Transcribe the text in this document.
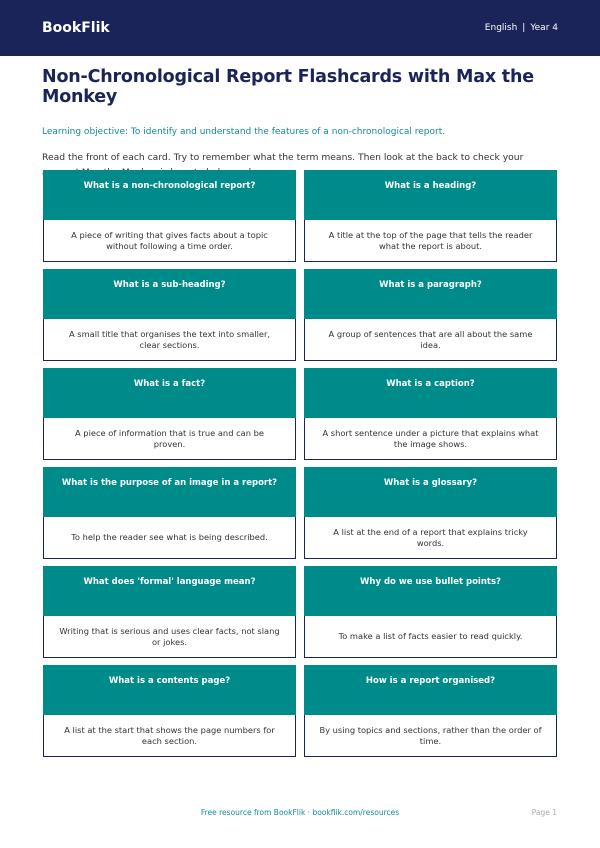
BookFlik	English | Year 4
Non-Chronological Report Flashcards with Max the Monkey
Learning objective: To identify and understand the features of a non-chronological report.
Read the front of each card. Try to remember what the term means. Then look at the back to check your
What is a non-chronological report?
A piece of writing that gives facts about a topic without following a time order.
What is a heading?
A title at the top of the page that tells the reader what the report is about.
What is a sub-heading?
A small title that organises the text into smaller, clear sections.
What is a paragraph?
A group of sentences that are all about the same idea.
What is a fact?
A piece of information that is true and can be proven.
What is a caption?
A short sentence under a picture that explains what the image shows.
What is the purpose of an image in a report?
To help the reader see what is being described.
What is a glossary?
A list at the end of a report that explains tricky words.
What does 'formal' language mean?
Writing that is serious and uses clear facts, not slang or jokes.
Why do we use bullet points?
To make a list of facts easier to read quickly.
What is a contents page?
A list at the start that shows the page numbers for each section.
How is a report organised?
By using topics and sections, rather than the order of time.
Free resource from BookFlik · bookflik.com/resources	Page 1
